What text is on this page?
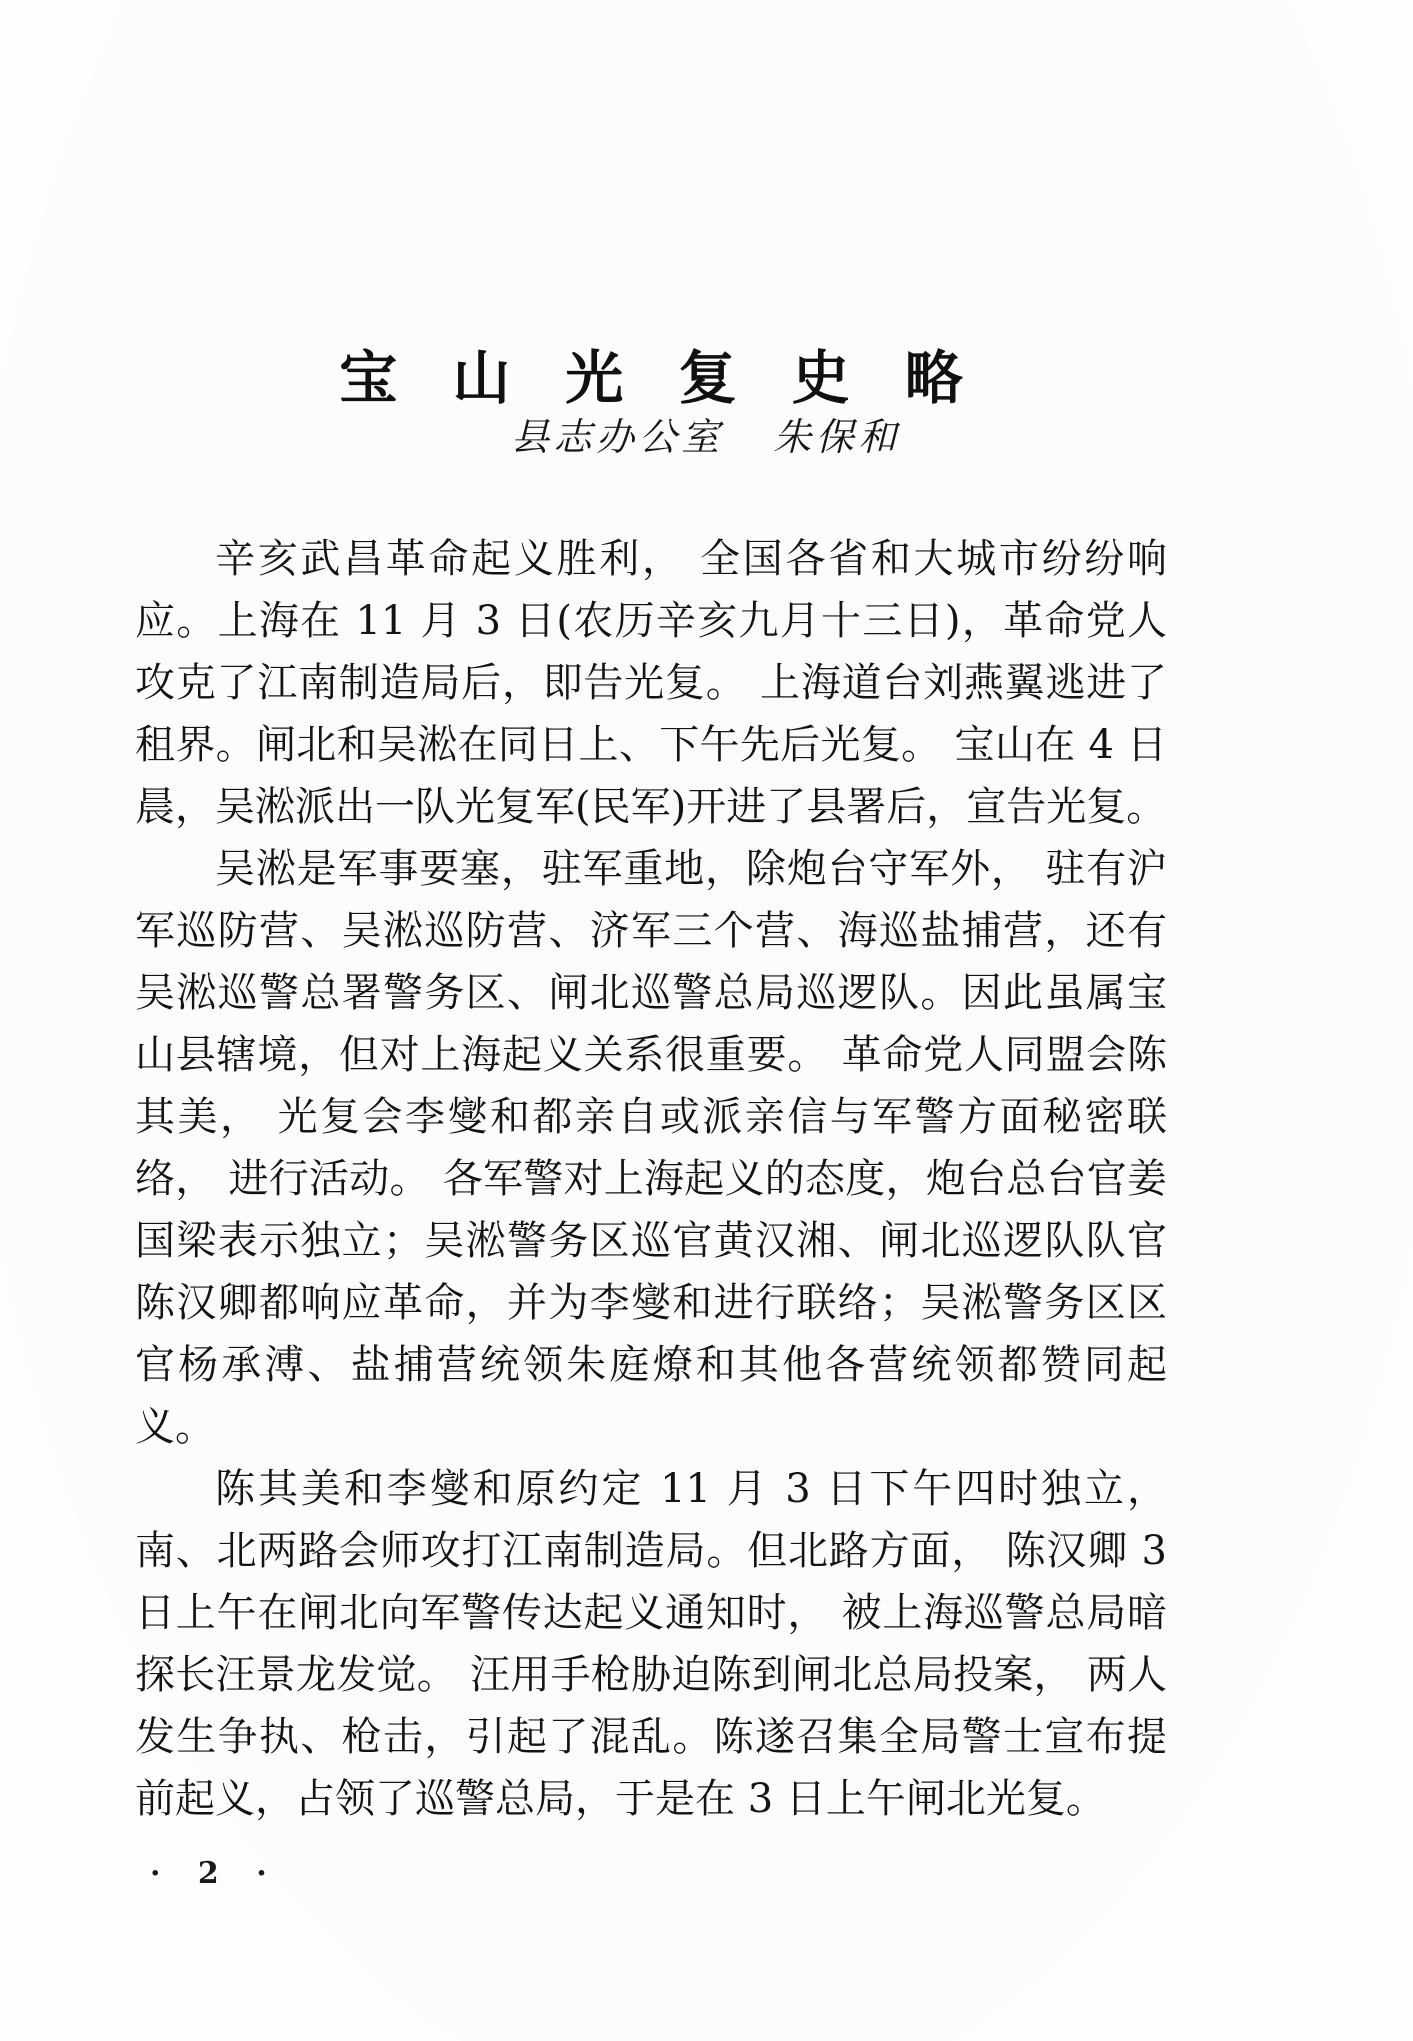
宝山光复史略
县志办公室 朱保和

辛亥武昌革命起义胜利， 全国各省和大城市纷纷响应。上海在 11 月 3 日(农历辛亥九月十三日)，革命党人攻克了江南制造局后，即告光复。 上海道台刘燕翼逃进了租界。闸北和吴淞在同日上、下午先后光复。 宝山在 4 日晨，吴淞派出一队光复军(民军)开进了县署后，宣告光复。

吴淞是军事要塞，驻军重地，除炮台守军外， 驻有沪军巡防营、吴淞巡防营、济军三个营、海巡盐捕营，还有吴淞巡警总署警务区、闸北巡警总局巡逻队。因此虽属宝山县辖境，但对上海起义关系很重要。 革命党人同盟会陈其美， 光复会李燮和都亲自或派亲信与军警方面秘密联络， 进行活动。 各军警对上海起义的态度，炮台总台官姜国梁表示独立；吴淞警务区巡官黄汉湘、闸北巡逻队队官陈汉卿都响应革命，并为李燮和进行联络；吴淞警务区区官杨承溥、盐捕营统领朱庭燎和其他各营统领都赞同起义。

陈其美和李燮和原约定 11 月 3 日下午四时独立，南、北两路会师攻打江南制造局。但北路方面， 陈汉卿 3 日上午在闸北向军警传达起义通知时， 被上海巡警总局暗探长汪景龙发觉。 汪用手枪胁迫陈到闸北总局投案， 两人发生争执、枪击，引起了混乱。陈遂召集全局警士宣布提前起义，占领了巡警总局，于是在 3 日上午闸北光复。

· 2 ·
